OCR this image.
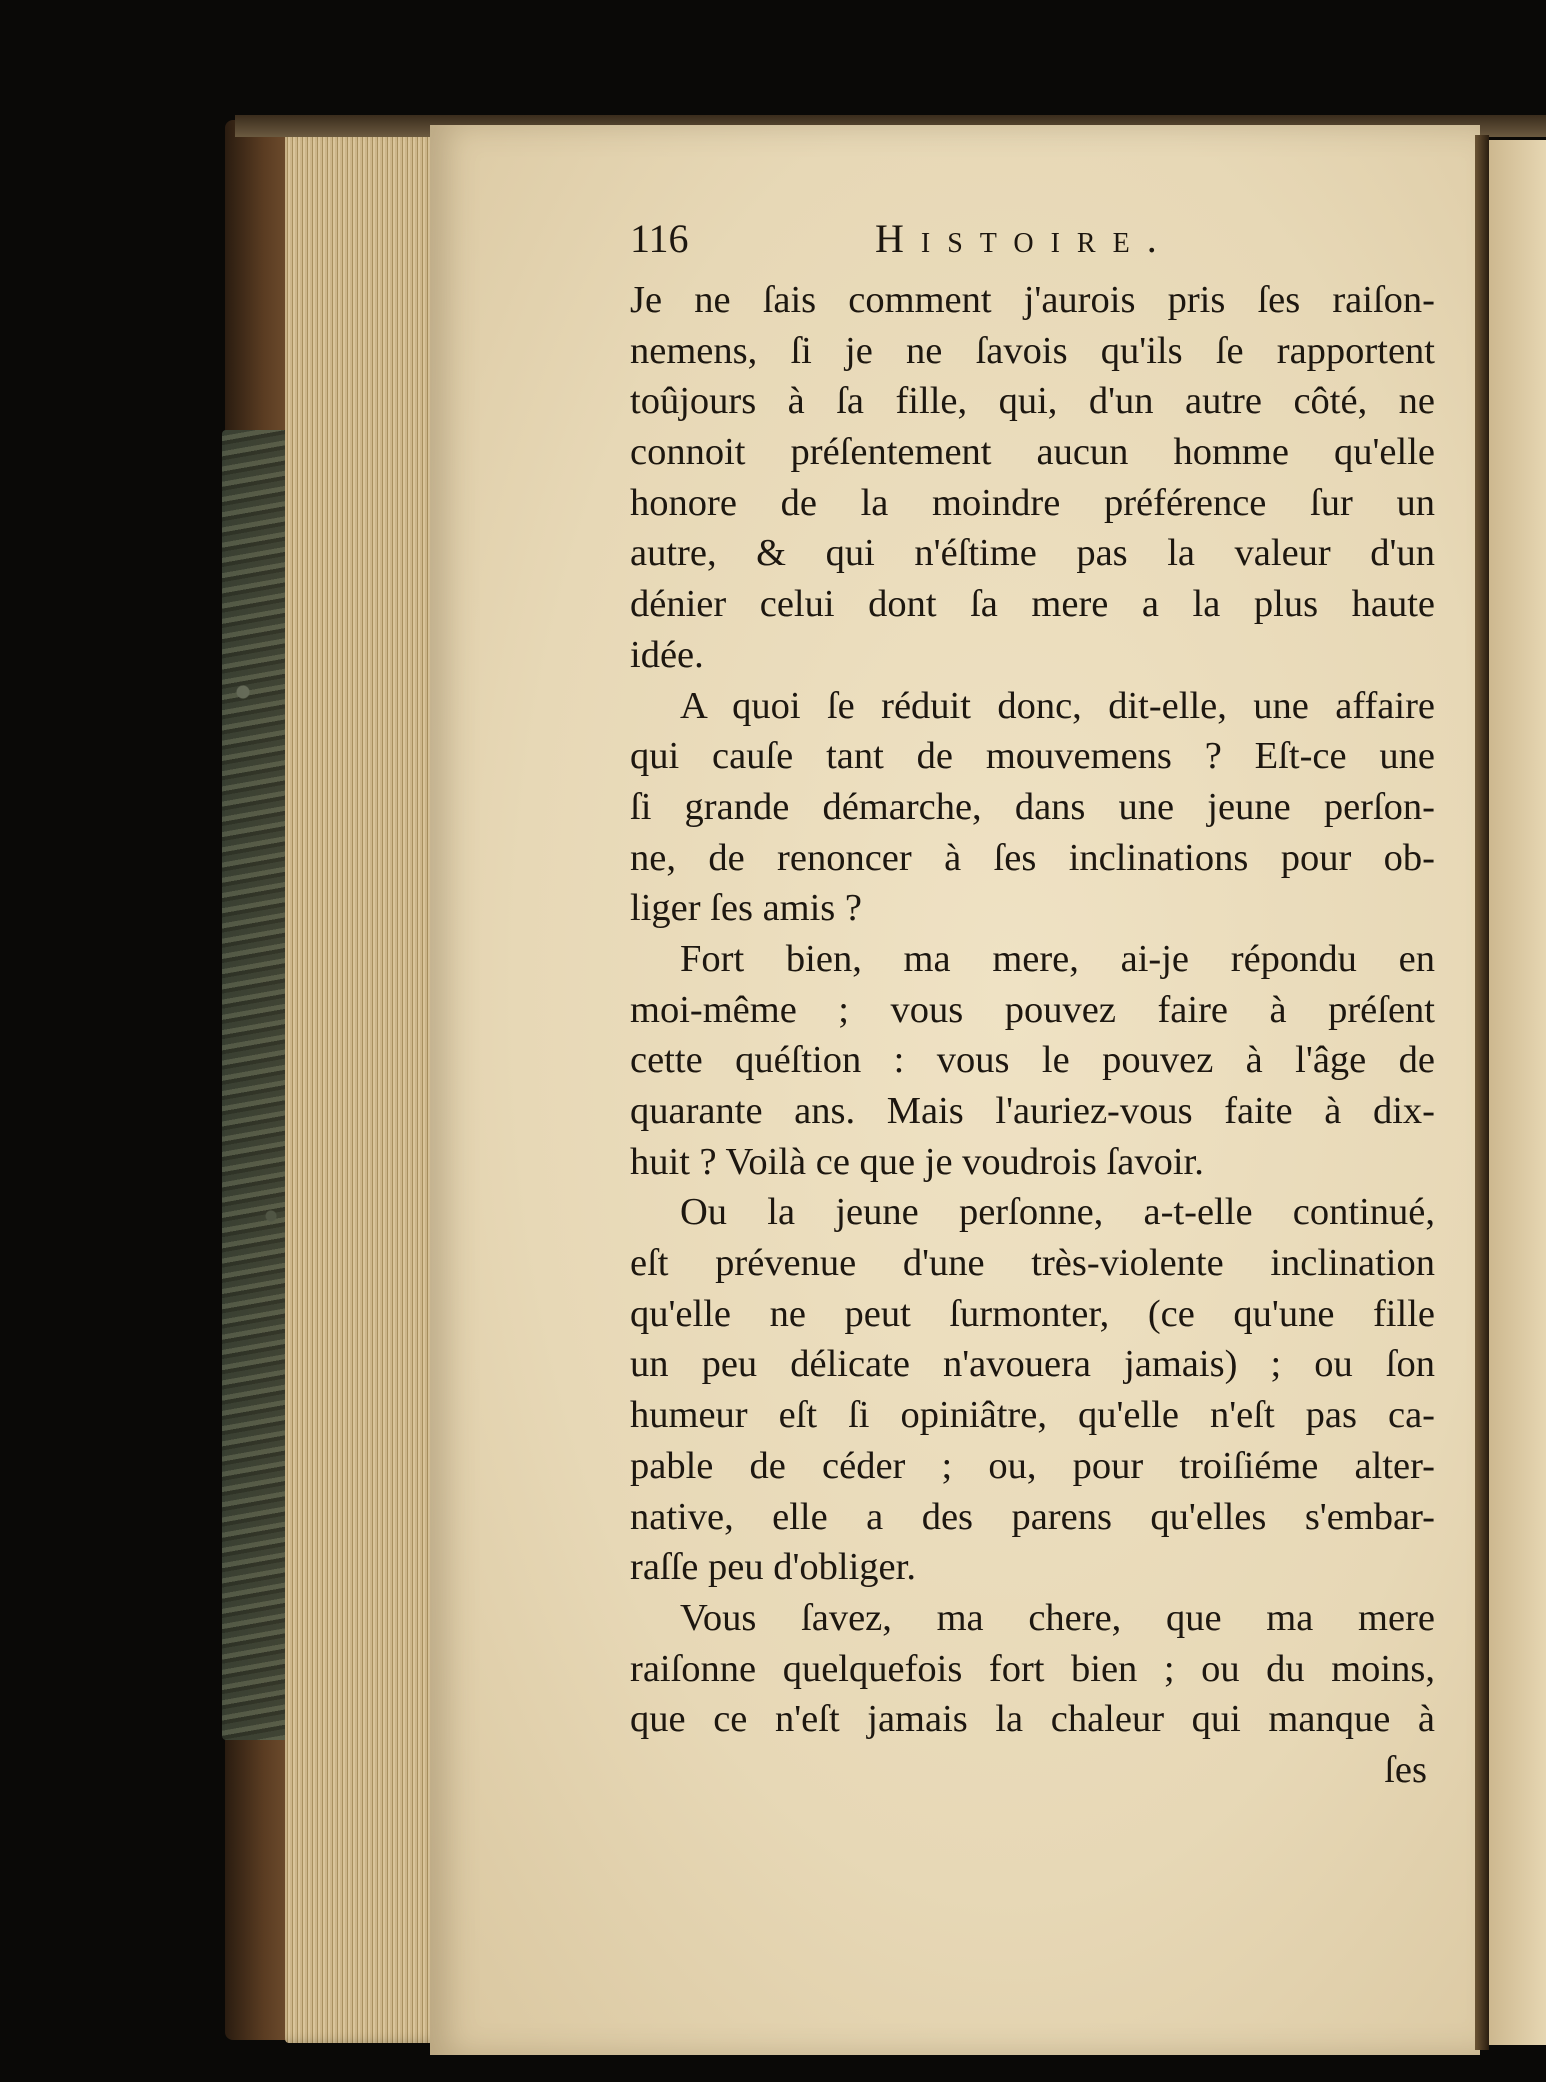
116	Histoire.
Je ne ſais comment j'aurois pris ſes raiſon-
nemens, ſi je ne ſavois qu'ils ſe rapportent
toûjours à ſa fille, qui, d'un autre côté, ne
connoit préſentement aucun homme qu'elle
honore de la moindre préférence ſur un
autre, & qui n'éſtime pas la valeur d'un
dénier celui dont ſa mere a la plus haute
idée.
A quoi ſe réduit donc, dit-elle, une affaire
qui cauſe tant de mouvemens ? Eſt-ce une
ſi grande démarche, dans une jeune perſon-
ne, de renoncer à ſes inclinations pour ob-
liger ſes amis ?
Fort bien, ma mere, ai-je répondu en
moi-même ; vous pouvez faire à préſent
cette quéſtion : vous le pouvez à l'âge de
quarante ans. Mais l'auriez-vous faite à dix-
huit ? Voilà ce que je voudrois ſavoir.
Ou la jeune perſonne, a-t-elle continué,
eſt prévenue d'une très-violente inclination
qu'elle ne peut ſurmonter, (ce qu'une fille
un peu délicate n'avouera jamais) ; ou ſon
humeur eſt ſi opiniâtre, qu'elle n'eſt pas ca-
pable de céder ; ou, pour troiſiéme alter-
native, elle a des parens qu'elles s'embar-
raſſe peu d'obliger.
Vous ſavez, ma chere, que ma mere
raiſonne quelquefois fort bien ; ou du moins,
que ce n'eſt jamais la chaleur qui manque à
ſes
